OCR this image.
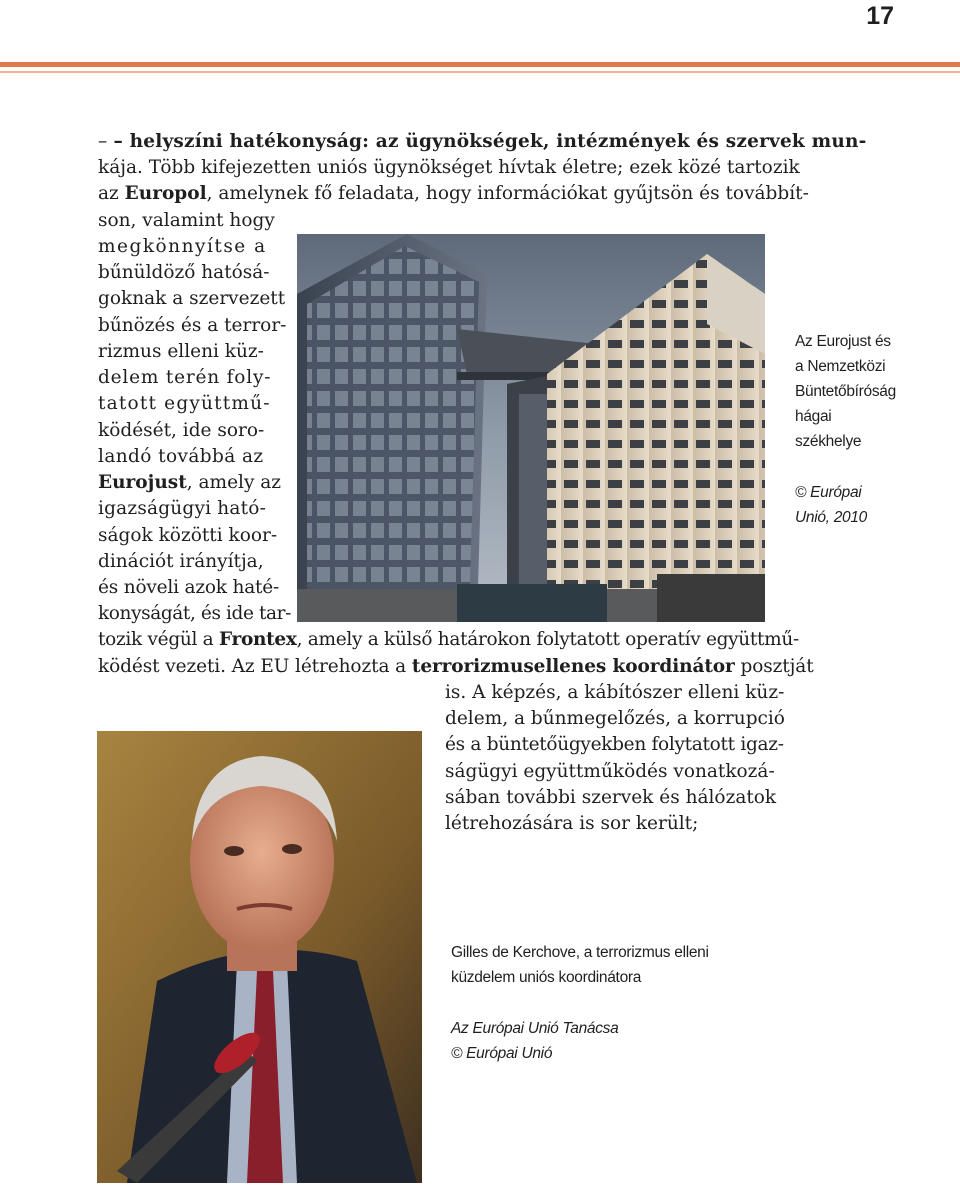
17
– – helyszíni hatékonyság: az ügynökségek, intézmények és szervek mun-
kája. Több kifejezetten uniós ügynökséget hívtak életre; ezek közé tartozik
az Europol, amelynek fő feladata, hogy információkat gyűjtsön és továbbít-
son, valamint hogy
megkönnyítse a
bűnüldöző hatósá-
goknak a szervezett
bűnözés és a terror-
rizmus elleni küz-
delem terén foly-
tatott együttmű-
ködését, ide soro-
landó továbbá az
Eurojust, amely az
igazságügyi ható-
ságok közötti koor-
dinációt irányítja,
és növeli azok haté-
konyságát, és ide tar-
tozik végül a Frontex, amely a külső határokon folytatott operatív együttmű-
ködést vezeti. Az EU létrehozta a terrorizmusellenes koordinátor posztját
is. A képzés, a kábítószer elleni küz-
delem, a bűnmegelőzés, a korrupció
és a büntetőügyekben folytatott igaz-
ságügyi együttműködés vonatkozá-
sában további szervek és hálózatok
létrehozására is sor került;
Az Eurojust és
a Nemzetközi
Büntetőbíróság
hágai
székhelye
© Európai
Unió, 2010
Gilles de Kerchove, a terrorizmus elleni
küzdelem uniós koordinátora
Az Európai Unió Tanácsa
© Európai Unió
